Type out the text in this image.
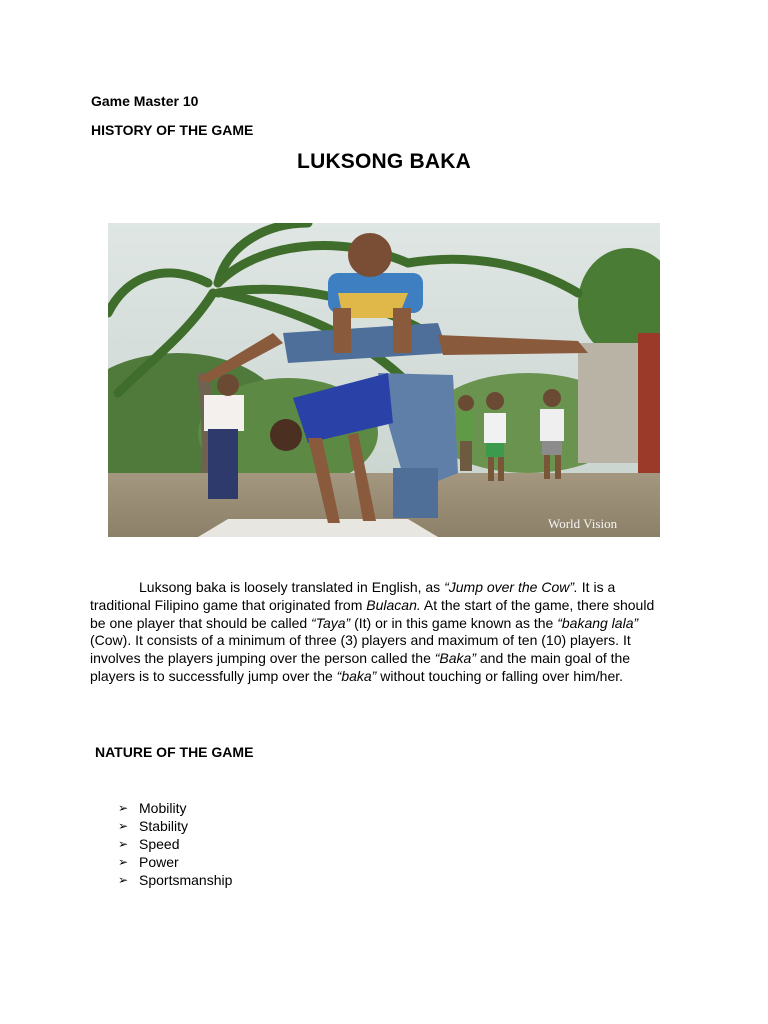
Game Master 10
HISTORY OF THE GAME
LUKSONG BAKA
World Vision

Luksong baka is loosely translated in English, as “Jump over the Cow”. It is a traditional Filipino game that originated from Bulacan. At the start of the game, there should be one player that should be called “Taya” (It) or in this game known as the “bakang lala” (Cow). It consists of a minimum of three (3) players and maximum of ten (10) players. It involves the players jumping over the person called the “Baka” and the main goal of the players is to successfully jump over the “baka” without touching or falling over him/her.

NATURE OF THE GAME
➢ Mobility
➢ Stability
➢ Speed
➢ Power
➢ Sportsmanship
